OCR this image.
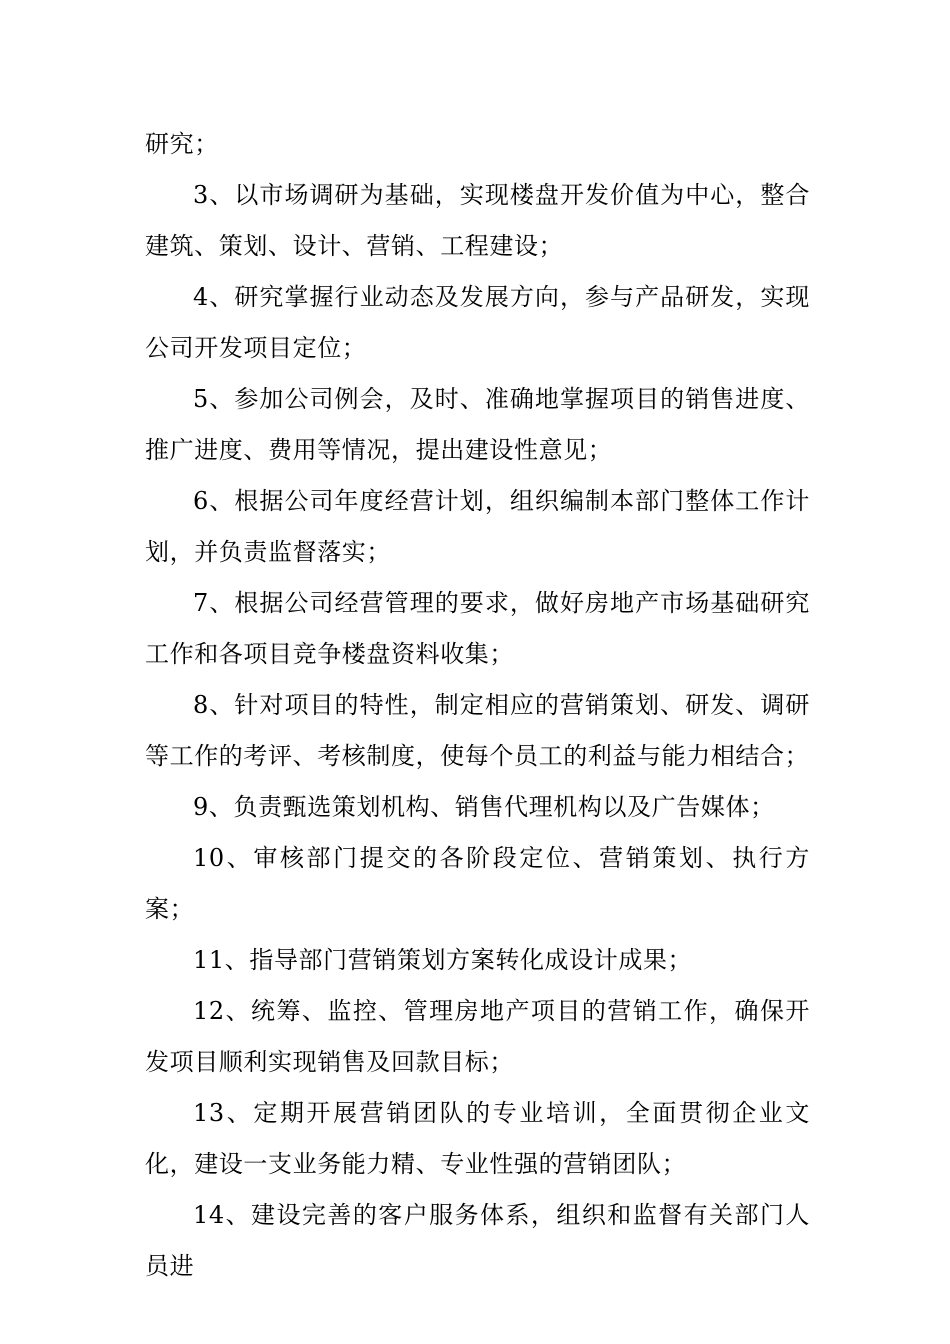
研究；

3、以市场调研为基础，实现楼盘开发价值为中心，整合建筑、策划、设计、营销、工程建设；

4、研究掌握行业动态及发展方向，参与产品研发，实现公司开发项目定位；

5、参加公司例会，及时、准确地掌握项目的销售进度、推广进度、费用等情况，提出建设性意见；

6、根据公司年度经营计划，组织编制本部门整体工作计划，并负责监督落实；

7、根据公司经营管理的要求，做好房地产市场基础研究工作和各项目竞争楼盘资料收集；

8、针对项目的特性，制定相应的营销策划、研发、调研等工作的考评、考核制度，使每个员工的利益与能力相结合；

9、负责甄选策划机构、销售代理机构以及广告媒体；

10、审核部门提交的各阶段定位、营销策划、执行方案；

11、指导部门营销策划方案转化成设计成果；

12、统筹、监控、管理房地产项目的营销工作，确保开发项目顺利实现销售及回款目标；

13、定期开展营销团队的专业培训，全面贯彻企业文化，建设一支业务能力精、专业性强的营销团队；

14、建设完善的客户服务体系，组织和监督有关部门人员进
